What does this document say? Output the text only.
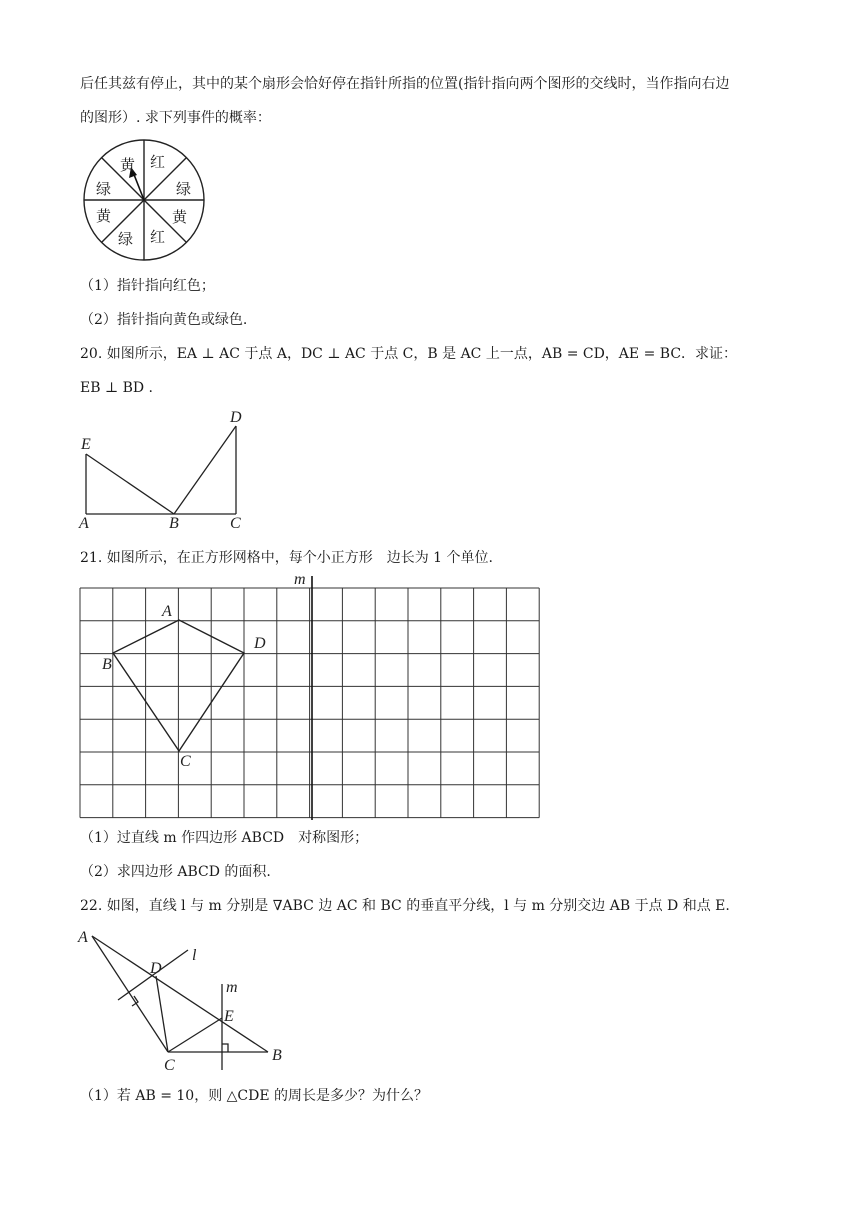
后任其兹有停止，其中的某个扇形会恰好停在指针所指的位置(指针指向两个图形的交线时，当作指向右边
的图形）. 求下列事件的概率：
红
绿
黄
红
绿
黄
绿
黄
（1）指针指向红色；
（2）指针指向黄色或绿色.
20. 如图所示，EA ⊥ AC 于点 A，DC ⊥ AC 于点 C，B 是 AC 上一点，AB = CD，AE = BC．求证：
EB ⊥ BD .
E
A	B	C
D
21. 如图所示，在正方形网格中，每个小正方形　边长为 1 个单位.
m
A
B
C
D
（1）过直线 m 作四边形 ABCD　对称图形；
（2）求四边形 ABCD 的面积.
22. 如图，直线 l 与 m 分别是 ∇ABC 边 AC 和 BC 的垂直平分线，l 与 m 分别交边 AB 于点 D 和点 E.
A
D
l
m
E
C
B
（1）若 AB = 10，则 △CDE 的周长是多少？为什么？
